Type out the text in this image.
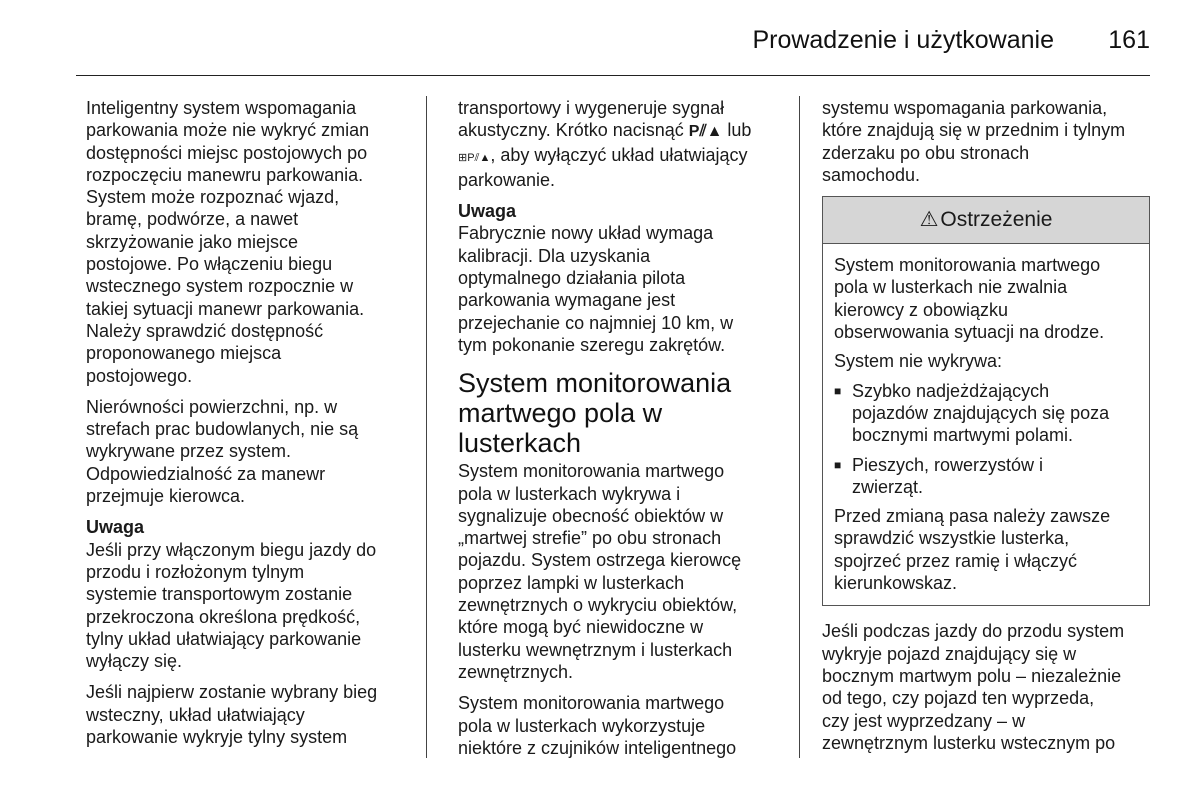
Prowadzenie i użytkowanie 161

Inteligentny system wspomagania
parkowania może nie wykryć zmian
dostępności miejsc postojowych po
rozpoczęciu manewru parkowania.
System może rozpoznać wjazd,
bramę, podwórze, a nawet
skrzyżowanie jako miejsce
postojowe. Po włączeniu biegu
wstecznego system rozpocznie w
takiej sytuacji manewr parkowania.
Należy sprawdzić dostępność
proponowanego miejsca
postojowego.

Nierówności powierzchni, np. w
strefach prac budowlanych, nie są
wykrywane przez system.
Odpowiedzialność za manewr
przejmuje kierowca.

Uwaga
Jeśli przy włączonym biegu jazdy do
przodu i rozłożonym tylnym
systemie transportowym zostanie
przekroczona określona prędkość,
tylny układ ułatwiający parkowanie
wyłączy się.

Jeśli najpierw zostanie wybrany bieg
wsteczny, układ ułatwiający
parkowanie wykryje tylny system

transportowy i wygeneruje sygnał
akustyczny. Krótko nacisnąć P⫽▲ lub
⊞P⫽▲, aby wyłączyć układ ułatwiający
parkowanie.

Uwaga
Fabrycznie nowy układ wymaga
kalibracji. Dla uzyskania
optymalnego działania pilota
parkowania wymagane jest
przejechanie co najmniej 10 km, w
tym pokonanie szeregu zakrętów.

System monitorowania
martwego pola w
lusterkach

System monitorowania martwego
pola w lusterkach wykrywa i
sygnalizuje obecność obiektów w
„martwej strefie” po obu stronach
pojazdu. System ostrzega kierowcę
poprzez lampki w lusterkach
zewnętrznych o wykryciu obiektów,
które mogą być niewidoczne w
lusterku wewnętrznym i lusterkach
zewnętrznych.

System monitorowania martwego
pola w lusterkach wykorzystuje
niektóre z czujników inteligentnego

systemu wspomagania parkowania,
które znajdują się w przednim i tylnym
zderzaku po obu stronach
samochodu.

⚠ Ostrzeżenie

System monitorowania martwego
pola w lusterkach nie zwalnia
kierowcy z obowiązku
obserwowania sytuacji na drodze.

System nie wykrywa:

■ Szybko nadjeżdżających
pojazdów znajdujących się poza
bocznymi martwymi polami.
■ Pieszych, rowerzystów i
zwierząt.

Przed zmianą pasa należy zawsze
sprawdzić wszystkie lusterka,
spojrzeć przez ramię i włączyć
kierunkowskaz.

Jeśli podczas jazdy do przodu system
wykryje pojazd znajdujący się w
bocznym martwym polu – niezależnie
od tego, czy pojazd ten wyprzeda,
czy jest wyprzedzany – w
zewnętrznym lusterku wstecznym po
